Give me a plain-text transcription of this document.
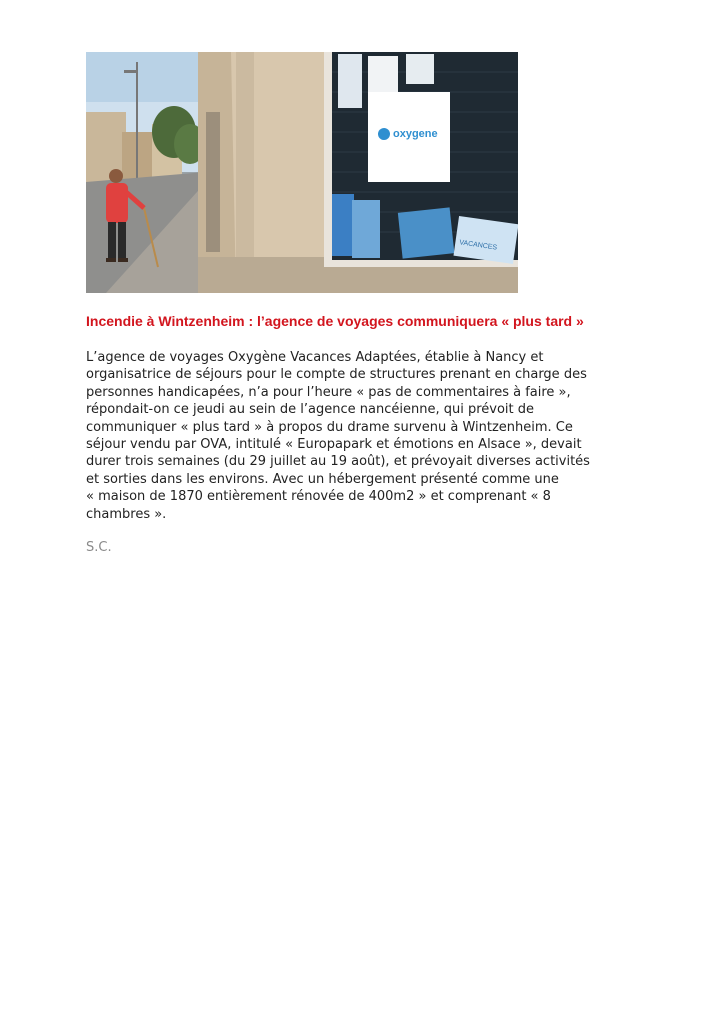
oxygene
VACANCES
Incendie à Wintzenheim : l’agence de voyages communiquera « plus tard »
L’agence de voyages Oxygène Vacances Adaptées, établie à Nancy et
organisatrice de séjours pour le compte de structures prenant en charge des
personnes handicapées, n’a pour l’heure « pas de commentaires à faire »,
répondait-on ce jeudi au sein de l’agence nancéienne, qui prévoit de
communiquer « plus tard » à propos du drame survenu à Wintzenheim. Ce
séjour vendu par OVA, intitulé « Europapark et émotions en Alsace », devait
durer trois semaines (du 29 juillet au 19 août), et prévoyait diverses activités
et sorties dans les environs. Avec un hébergement présenté comme une
« maison de 1870 entièrement rénovée de 400m2 » et comprenant « 8
chambres ».

S.C.
